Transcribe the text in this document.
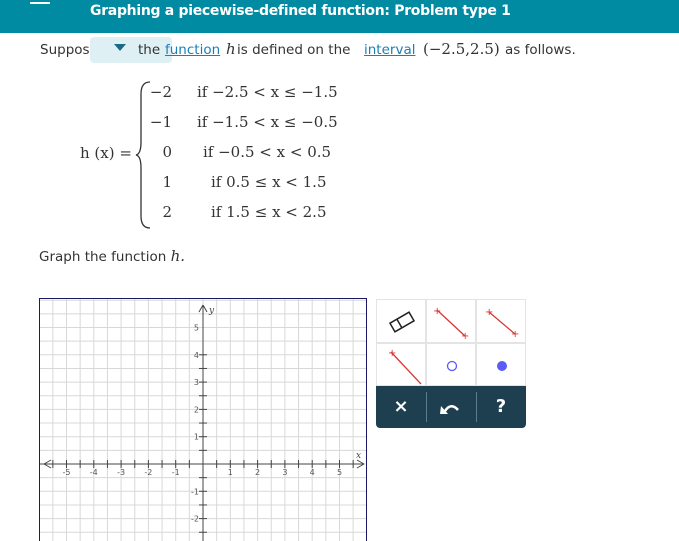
Graphing a piecewise-defined function: Problem type 1
Suppos	the function h is defined on the interval (−2.5,2.5) as follows.
h (x) =
−2 if −2.5 < x ≤ −1.5
−1 if −1.5 < x ≤ −0.5
0 if −0.5 < x < 0.5
1	if 0.5 ≤ x < 1.5
2	if 1.5 ≤ x < 2.5
Graph the function h.
-5 -4 -3 -2 -1	1	2	3	4	5
5
4
3
2
1
-1
-2
x
y	+
+
+
+
+
×	?
